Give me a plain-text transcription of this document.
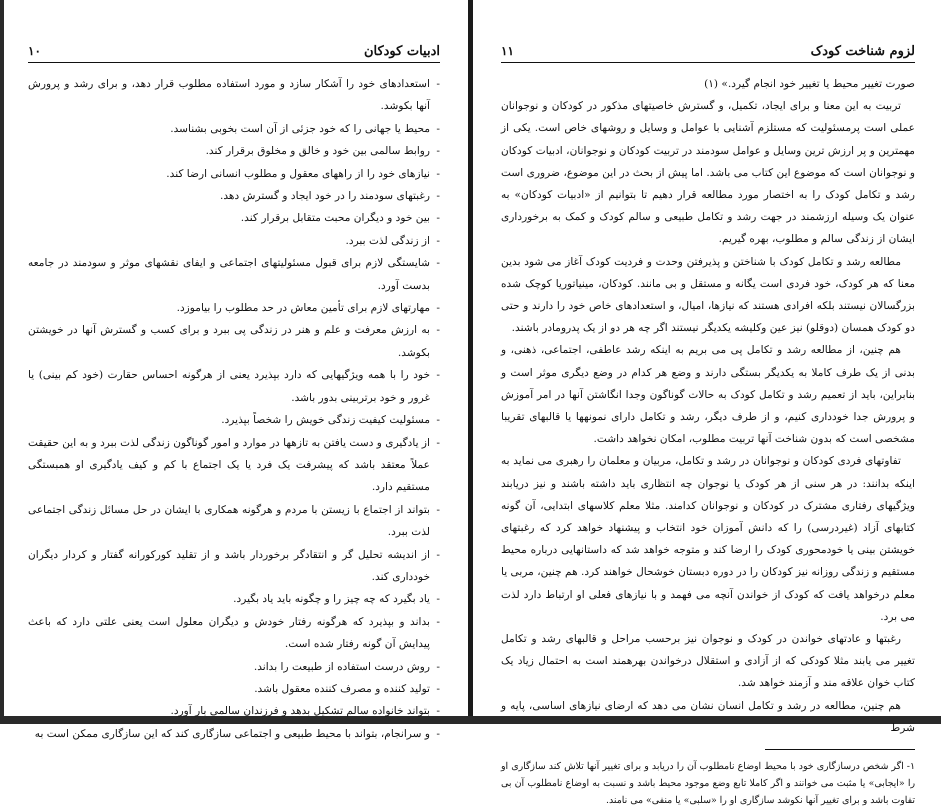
ادبیات کودکان
۱۰
- استعدادهای خود را آشکار سازد و مورد استفاده مطلوب قرار دهد، و برای رشد و پرورش آنها بکوشد.
- محیط یا جهانی را که خود جزئی از آن است بخوبی بشناسد.
- روابط سالمی بین خود و خالق و مخلوق برقرار کند.
- نیازهای خود را از راههای معقول و مطلوب انسانی ارضا کند.
- رغبتهای سودمند را در خود ایجاد و گسترش دهد.
- بین خود و دیگران محبت متقابل برقرار کند.
- از زندگی لذت ببرد.
- شایستگی لازم برای قبول مسئولیتهای اجتماعی و ایفای نقشهای موثر و سودمند در جامعه بدست آورد.
- مهارتهای لازم برای تأمین معاش در حد مطلوب را بیاموزد.
- به ارزش معرفت و علم و هنر در زندگی پی ببرد و برای کسب و گسترش آنها در خویشتن بکوشد.
- خود را با همه ویژگیهایی که دارد بپذیرد یعنی از هرگونه احساس حقارت (خود کم بینی) یا غرور و خود برتربینی بدور باشد.
- مسئولیت کیفیت زندگی خویش را شخصاً بپذیرد.
- از یادگیری و دست یافتن به تازهها در موارد و امور گوناگون زندگی لذت ببرد و به این حقیقت عملاً معتقد باشد که پیشرفت یک فرد یا یک اجتماع با کم و کیف یادگیری او همبستگی مستقیم دارد.
- بتواند از اجتماع با زیستن با مردم و هرگونه همکاری با ایشان در حل مسائل زندگی اجتماعی لذت ببرد.
- از اندیشه تحلیل گر و انتقادگر برخوردار باشد و از تقلید کورکورانه گفتار و کردار دیگران خودداری کند.
- یاد بگیرد که چه چیز را و چگونه باید یاد بگیرد.
- بداند و بپذیرد که هرگونه رفتار خودش و دیگران معلول است یعنی علتی دارد که باعث پیدایش آن گونه رفتار شده است.
- روش درست استفاده از طبیعت را بداند.
- تولید کننده و مصرف کننده معقول باشد.
- بتواند خانواده سالم تشکیل بدهد و فرزندان سالمی بار آورد.
- و سرانجام، بتواند با محیط طبیعی و اجتماعی سازگاری کند که این سازگاری ممکن است به
لزوم شناخت کودک
۱۱

صورت تغییر محیط یا تغییر خود انجام گیرد.» (۱)

تربیت به این معنا و برای ایجاد، تکمیل، و گسترش خاصیتهای مذکور در کودکان و نوجوانان عملی است پرمسئولیت که مستلزم آشنایی با عوامل و وسایل و روشهای خاص است. یکی از مهمترین و پر ارزش ترین وسایل و عوامل سودمند در تربیت کودکان و نوجوانان، ادبیات کودکان و نوجوانان است که موضوع این کتاب می باشد. اما پیش از بحث در این موضوع، ضروری است رشد و تکامل کودک را به اختصار مورد مطالعه قرار دهیم تا بتوانیم از «ادبیات کودکان» به عنوان یک وسیله ارزشمند در جهت رشد و تکامل طبیعی و سالم کودک و کمک به برخورداری ایشان از زندگی سالم و مطلوب، بهره گیریم.

مطالعه رشد و تکامل کودک با شناختن و پذیرفتن وحدت و فردیت کودک آغاز می شود بدین معنا که هر کودک، خود فردی است یگانه و مستقل و بی مانند. کودکان، مینیاتوریا کوچک شده بزرگسالان نیستند بلکه افرادی هستند که نیازها، امیال، و استعدادهای خاص خود را دارند و حتی دو کودک همسان (دوقلو) نیز عین وکلیشه یکدیگر نیستند اگر چه هر دو از یک پدرومادر باشند.

هم چنین، از مطالعه رشد و تکامل پی می بریم به اینکه رشد عاطفی، اجتماعی، ذهنی، و بدنی از یک طرف کاملا به یکدیگر بستگی دارند و وضع هر کدام در وضع دیگری موثر است و بنابراین، باید از تعمیم رشد و تکامل کودک به حالات گوناگون وجدا انگاشتن آنها در امر آموزش و پرورش جدا خودداری کنیم، و از طرف دیگر، رشد و تکامل دارای نمونهها یا قالبهای تقریبا مشخصی است که بدون شناخت آنها تربیت مطلوب، امکان نخواهد داشت.

تفاوتهای فردی کودکان و نوجوانان در رشد و تکامل، مربیان و معلمان را رهبری می نماید به اینکه بدانند: در هر سنی از هر کودک یا نوجوان چه انتظاری باید داشته باشند و نیز دریابند ویژگیهای رفتاری مشترک در کودکان و نوجوانان کدامند. مثلا معلم کلاسهای ابتدایی، آن گونه کتابهای آزاد (غیردرسی) را که دانش آموزان خود انتخاب و پیشنهاد خواهد کرد که رغبتهای خویشتن بینی یا خودمحوری کودک را ارضا کند و متوجه خواهد شد که داستانهایی درباره محیط مستقیم و زندگی روزانه نیز کودکان را در دوره دبستان خوشحال خواهند کرد. هم چنین، مربی یا معلم درخواهد یافت که کودک از خواندن آنچه می فهمد و با نیازهای فعلی او ارتباط دارد لذت می برد.

رغبتها و عادتهای خواندن در کودک و نوجوان نیز برحسب مراحل و قالبهای رشد و تکامل تغییر می یابند مثلا کودکی که از آزادی و استقلال درخواندن بهرهمند است به احتمال زیاد یک کتاب خوان علاقه مند و آزمند خواهد شد.

هم چنین، مطالعه در رشد و تکامل انسان نشان می دهد که ارضای نیازهای اساسی، پایه و شرط

۱- اگر شخص درسازگاری خود با محیط اوضاع نامطلوب آن را دریابد و برای تغییر آنها تلاش کند سازگاری او را «ایجابی» یا مثبت می خوانند و اگر کاملا تابع وضع موجود محیط باشد و نسبت به اوضاع نامطلوب آن بی تفاوت باشد و برای تغییر آنها نکوشد سازگاری او را «سلبی» یا منفی» می نامند.
